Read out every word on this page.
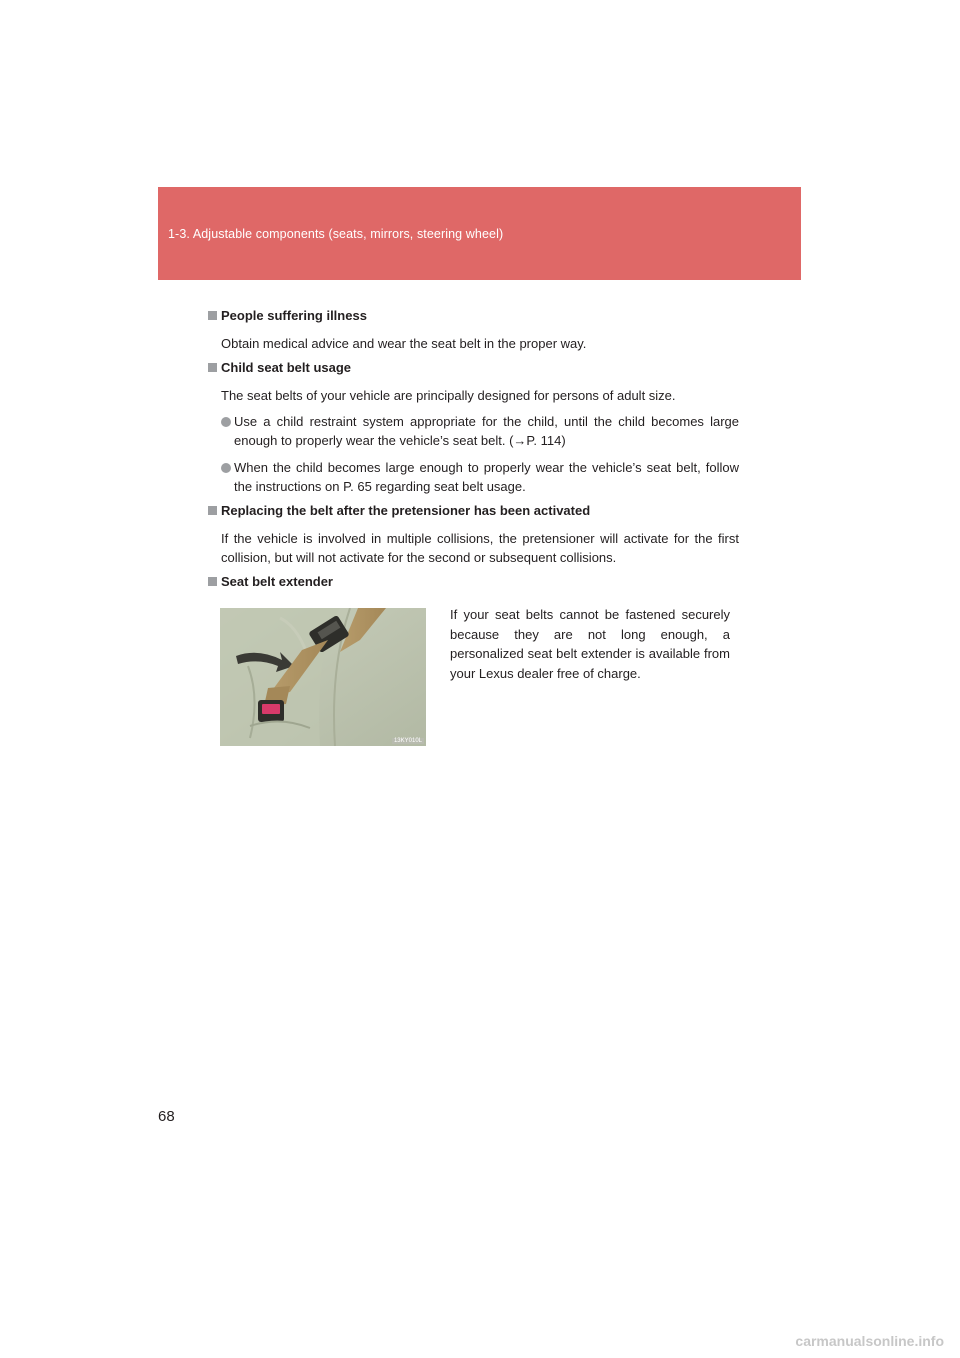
1-3. Adjustable components (seats, mirrors, steering wheel)
People suffering illness
Obtain medical advice and wear the seat belt in the proper way.
Child seat belt usage
The seat belts of your vehicle are principally designed for persons of adult size.
Use a child restraint system appropriate for the child, until the child becomes large enough to properly wear the vehicle’s seat belt. (→P. 114)
When the child becomes large enough to properly wear the vehicle’s seat belt, follow the instructions on P. 65 regarding seat belt usage.
Replacing the belt after the pretensioner has been activated
If the vehicle is involved in multiple collisions, the pretensioner will activate for the first collision, but will not activate for the second or subsequent collisions.
Seat belt extender
13KY010L
If your seat belts cannot be fastened securely because they are not long enough, a personalized seat belt extender is available from your Lexus dealer free of charge.
68
carmanualsonline.info
